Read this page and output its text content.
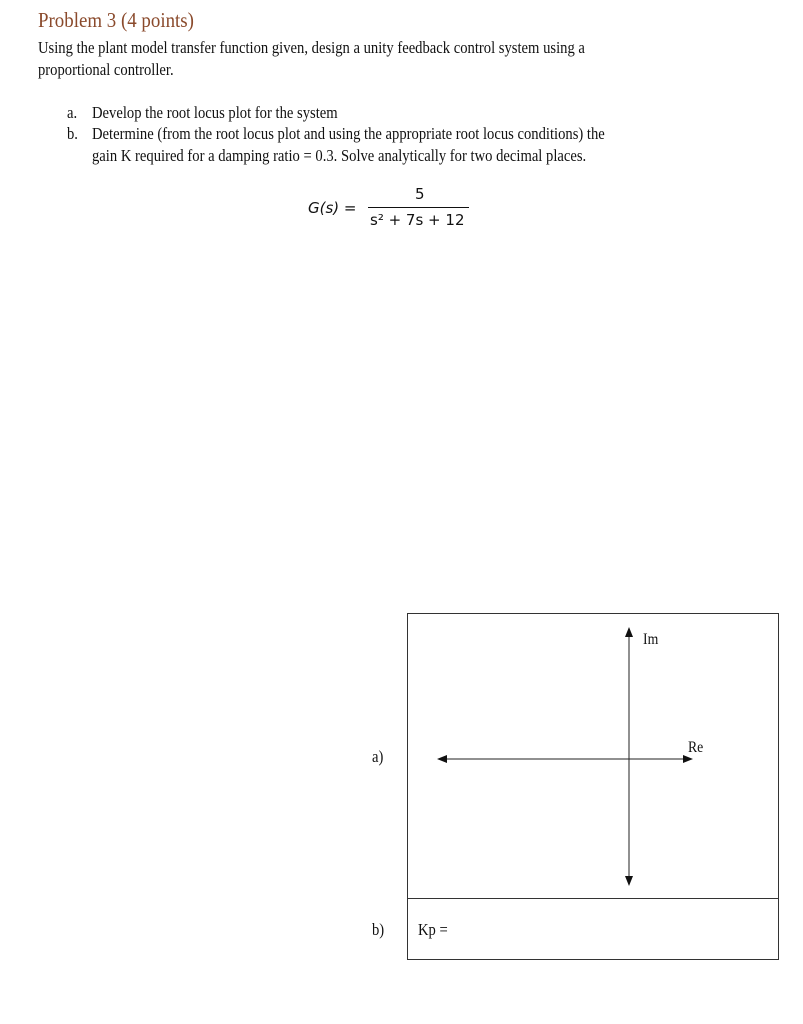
Problem 3 (4 points)
Using the plant model transfer function given, design a unity feedback control system using a
proportional controller.
a. Develop the root locus plot for the system
b. Determine (from the root locus plot and using the appropriate root locus conditions) the
gain K required for a damping ratio = 0.3. Solve analytically for two decimal places.
G(s) =
5
s² + 7s + 12
Im
Re
a)
b) Kp =
